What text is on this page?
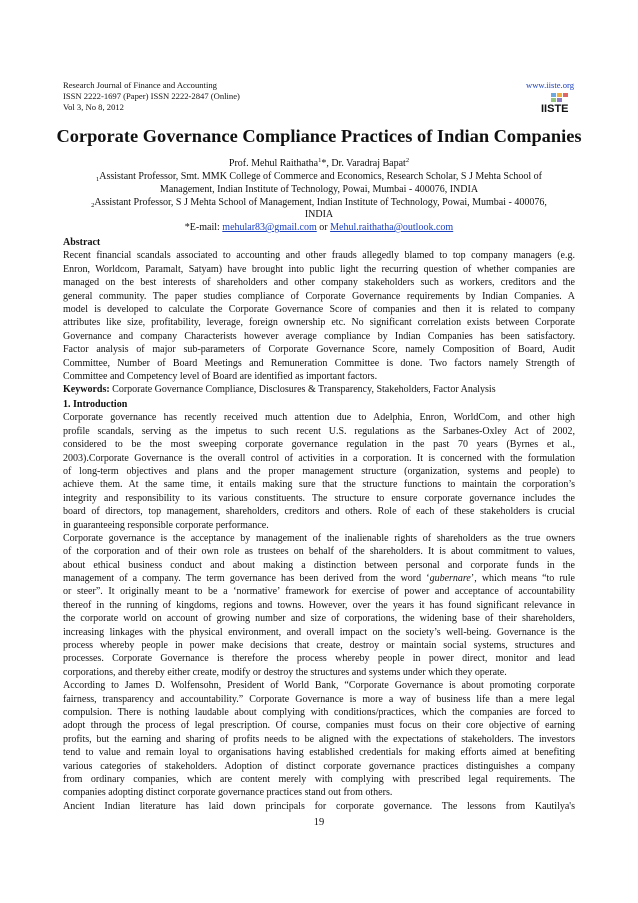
Research Journal of Finance and Accounting
ISSN 2222-1697 (Paper) ISSN 2222-2847 (Online)
Vol 3, No 8, 2012
www.iiste.org
IISTE
Corporate Governance Compliance Practices of Indian Companies
Prof. Mehul Raithatha$^1$*, Dr. Varadraj Bapat$^2$
$_1$Assistant Professor, Smt. MMK College of Commerce and Economics, Research Scholar, S J Mehta School of
Management, Indian Institute of Technology, Powai, Mumbai - 400076, INDIA
$_2$Assistant Professor, S J Mehta School of Management, Indian Institute of Technology, Powai, Mumbai - 400076,
INDIA
*E-mail: mehular83@gmail.com or Mehul.raithatha@outlook.com
Abstract
Recent financial scandals associated to accounting and other frauds allegedly blamed to top company managers (e.g.
Enron, Worldcom, Paramalt, Satyam) have brought into public light the recurring question of whether companies are
managed on the best interests of shareholders and other company stakeholders such as workers, creditors and the
general community. The paper studies compliance of Corporate Governance requirements by Indian Companies. A
model is developed to calculate the Corporate Governance Score of companies and then it is related to company
attributes like size, profitability, leverage, foreign ownership etc. No significant correlation exists between Corporate
Governance and company Characterists however average compliance by Indian Companies has been satisfactory.
Factor analysis of major sub-parameters of Corporate Governance Score, namely Composition of Board, Audit
Committee, Number of Board Meetings and Remuneration Committee is done. Two factors namely Strength of
Committee and Competency level of Board are identified as important factors.
Keywords: Corporate Governance Compliance, Disclosures & Transparency, Stakeholders, Factor Analysis
1. Introduction
Corporate governance has recently received much attention due to Adelphia, Enron, WorldCom, and other high
profile scandals, serving as the impetus to such recent U.S. regulations as the Sarbanes-Oxley Act of 2002,
considered to be the most sweeping corporate governance regulation in the past 70 years (Byrnes et al.,
2003).Corporate Governance is the overall control of activities in a corporation. It is concerned with the formulation
of long-term objectives and plans and the proper management structure (organization, systems and people) to
achieve them. At the same time, it entails making sure that the structure functions to maintain the corporation’s
integrity and responsibility to its various constituents. The structure to ensure corporate governance includes the
board of directors, top management, shareholders, creditors and others. Role of each of these stakeholders is crucial
in guaranteeing responsible corporate performance.
Corporate governance is the acceptance by management of the inalienable rights of shareholders as the true owners
of the corporation and of their own role as trustees on behalf of the shareholders. It is about commitment to values,
about ethical business conduct and about making a distinction between personal and corporate funds in the
management of a company. The term governance has been derived from the word ‘gubernare’, which means “to rule
or steer”. It originally meant to be a ‘normative’ framework for exercise of power and acceptance of accountability
thereof in the running of kingdoms, regions and towns. However, over the years it has found significant relevance in
the corporate world on account of growing number and size of corporations, the widening base of their shareholders,
increasing linkages with the physical environment, and overall impact on the society’s well-being. Governance is the
process whereby people in power make decisions that create, destroy or maintain social systems, structures and
processes. Corporate Governance is therefore the process whereby people in power direct, monitor and lead
corporations, and thereby either create, modify or destroy the structures and systems under which they operate.
According to James D. Wolfensohn, President of World Bank, “Corporate Governance is about promoting corporate
fairness, transparency and accountability.” Corporate Governance is more a way of business life than a mere legal
compulsion. There is nothing laudable about complying with conditions/practices, which the companies are forced to
adopt through the process of legal prescription. Of course, companies must focus on their core objective of earning
profits, but the earning and sharing of profits needs to be aligned with the expectations of stakeholders. The investors
tend to value and remain loyal to organisations having established credentials for making efforts aimed at benefiting
various categories of stakeholders. Adoption of distinct corporate governance practices distinguishes a company
from ordinary companies, which are content merely with complying with prescribed legal requirements. The
companies adopting distinct corporate governance practices stand out from others.
Ancient Indian literature has laid down principals for corporate governance. The lessons from Kautilya's
19
